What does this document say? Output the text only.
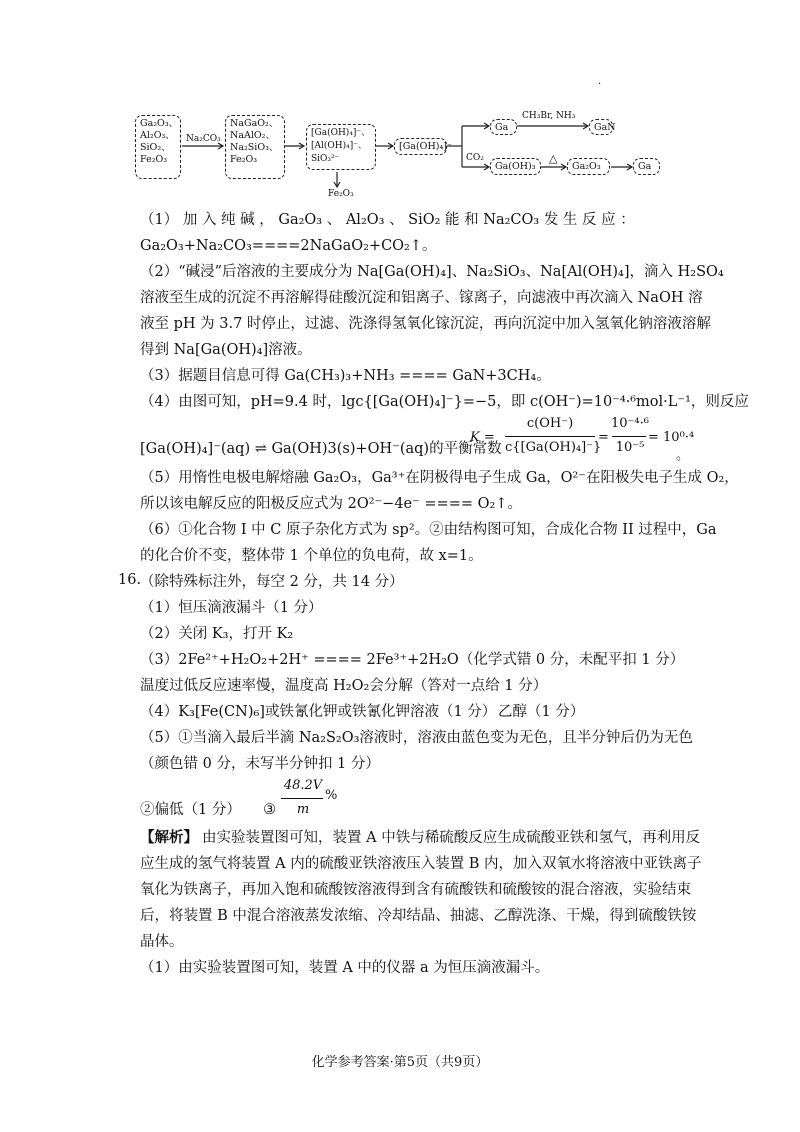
.
Ga₂O₃、
Al₂O₃、
SiO₂、
Fe₂O₃
Na₂CO₃
NaGaO₂、
NaAlO₂、
Na₂SiO₃、
Fe₂O₃
[Ga(OH)₄]⁻、
[Al(OH)₄]⁻、
SiO₃²⁻
Fe₂O₃
[Ga(OH)₄]⁻
Ga
CH₃Br, NH₃
GaN
CO₂
Ga(OH)₃
△
Ga₂O₃	Ga
（1） 加 入 纯 碱 ， Ga₂O₃ 、 Al₂O₃ 、 SiO₂ 能 和 Na₂CO₃ 发 生 反 应 ：
Ga₂O₃+Na₂CO₃====2NaGaO₂+CO₂↑。
（2）“碱浸”后溶液的主要成分为 Na[Ga(OH)₄]、Na₂SiO₃、Na[Al(OH)₄]，滴入 H₂SO₄
溶液至生成的沉淀不再溶解得硅酸沉淀和铝离子、镓离子，向滤液中再次滴入 NaOH 溶
液至 pH 为 3.7 时停止，过滤、洗涤得氢氧化镓沉淀，再向沉淀中加入氢氧化钠溶液溶解
得到 Na[Ga(OH)₄]溶液。
（3）据题目信息可得 Ga(CH₃)₃+NH₃ ==== GaN+3CH₄。
（4）由图可知，pH=9.4 时，lgc{[Ga(OH)₄]⁻}=−5，即 c(OH⁻)=10⁻⁴·⁶mol·L⁻¹，则反应
[Ga(OH)₄]⁻(aq) ⇌ Ga(OH)3(s)+OH⁻(aq)的平衡常数
K =
c(OH⁻)
c{[Ga(OH)₄]⁻}
=
10⁻⁴·⁶
10⁻⁵
= 10⁰·⁴
。
（5）用惰性电极电解熔融 Ga₂O₃，Ga³⁺在阴极得电子生成 Ga，O²⁻在阳极失电子生成 O₂，
所以该电解反应的阳极反应式为 2O²⁻−4e⁻ ==== O₂↑。
（6）①化合物 I 中 C 原子杂化方式为 sp²。②由结构图可知，合成化合物 II 过程中，Ga
的化合价不变，整体带 1 个单位的负电荷，故 x=1。
16.
（除特殊标注外，每空 2 分，共 14 分）
（1）恒压滴液漏斗（1 分）
（2）关闭 K₃，打开 K₂
（3）2Fe²⁺+H₂O₂+2H⁺ ==== 2Fe³⁺+2H₂O（化学式错 0 分，未配平扣 1 分）
温度过低反应速率慢，温度高 H₂O₂会分解（答对一点给 1 分）
（4）K₃[Fe(CN)₆]或铁氰化钾或铁氰化钾溶液（1 分） 乙醇（1 分）
（5）①当滴入最后半滴 Na₂S₂O₃溶液时，溶液由蓝色变为无色，且半分钟后仍为无色
（颜色错 0 分，未写半分钟扣 1 分）
②偏低（1 分） ③
48.2V
m
%
【解析】 由实验装置图可知，装置 A 中铁与稀硫酸反应生成硫酸亚铁和氢气，再利用反
应生成的氢气将装置 A 内的硫酸亚铁溶液压入装置 B 内，加入双氧水将溶液中亚铁离子
氧化为铁离子，再加入饱和硫酸铵溶液得到含有硫酸铁和硫酸铵的混合溶液，实验结束
后，将装置 B 中混合溶液蒸发浓缩、冷却结晶、抽滤、乙醇洗涤、干燥，得到硫酸铁铵
晶体。
（1）由实验装置图可知，装置 A 中的仪器 a 为恒压滴液漏斗。
化学参考答案·第5页（共9页）
